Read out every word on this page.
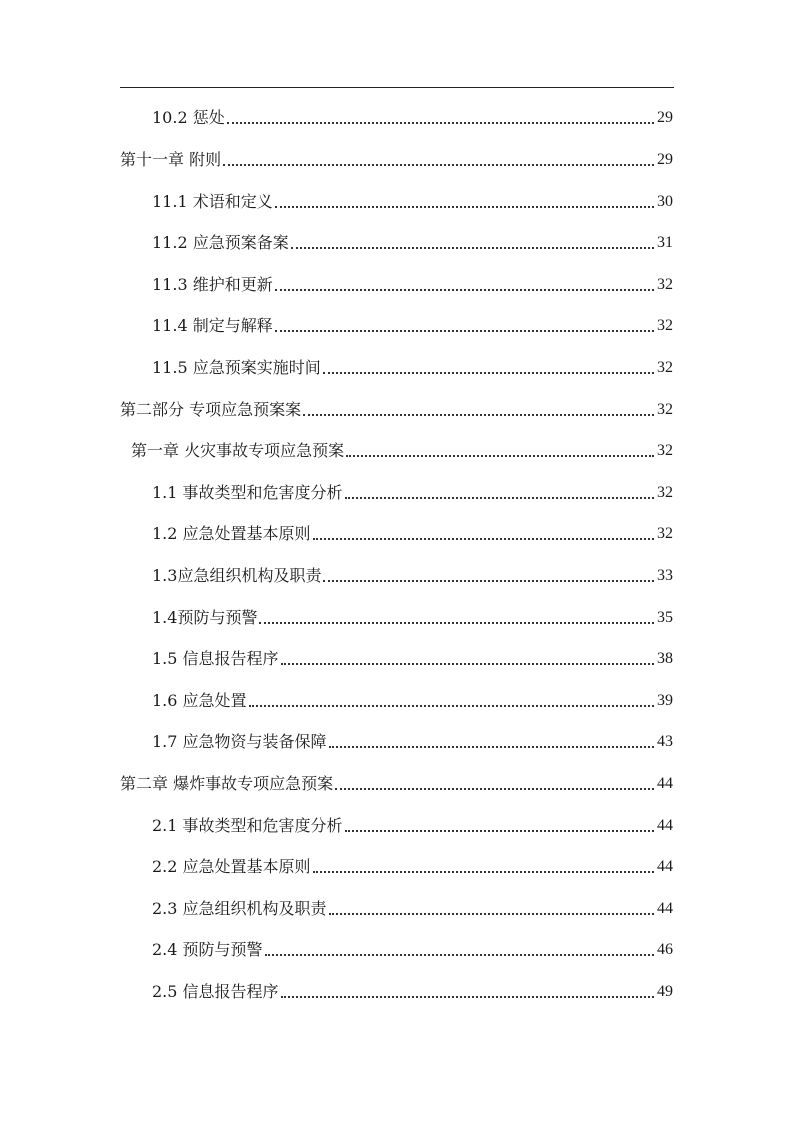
10.2 惩处	29
第十一章 附则	29
11.1 术语和定义	30
11.2 应急预案备案	31
11.3 维护和更新	32
11.4 制定与解释	32
11.5 应急预案实施时间	32
第二部分 专项应急预案案	32
第一章 火灾事故专项应急预案	32
1.1 事故类型和危害度分析	32
1.2 应急处置基本原则	32
1.3应急组织机构及职责	33
1.4预防与预警	35
1.5 信息报告程序	38
1.6 应急处置	39
1.7 应急物资与装备保障	43
第二章 爆炸事故专项应急预案	44
2.1 事故类型和危害度分析	44
2.2 应急处置基本原则	44
2.3 应急组织机构及职责	44
2.4 预防与预警	46
2.5 信息报告程序	49
